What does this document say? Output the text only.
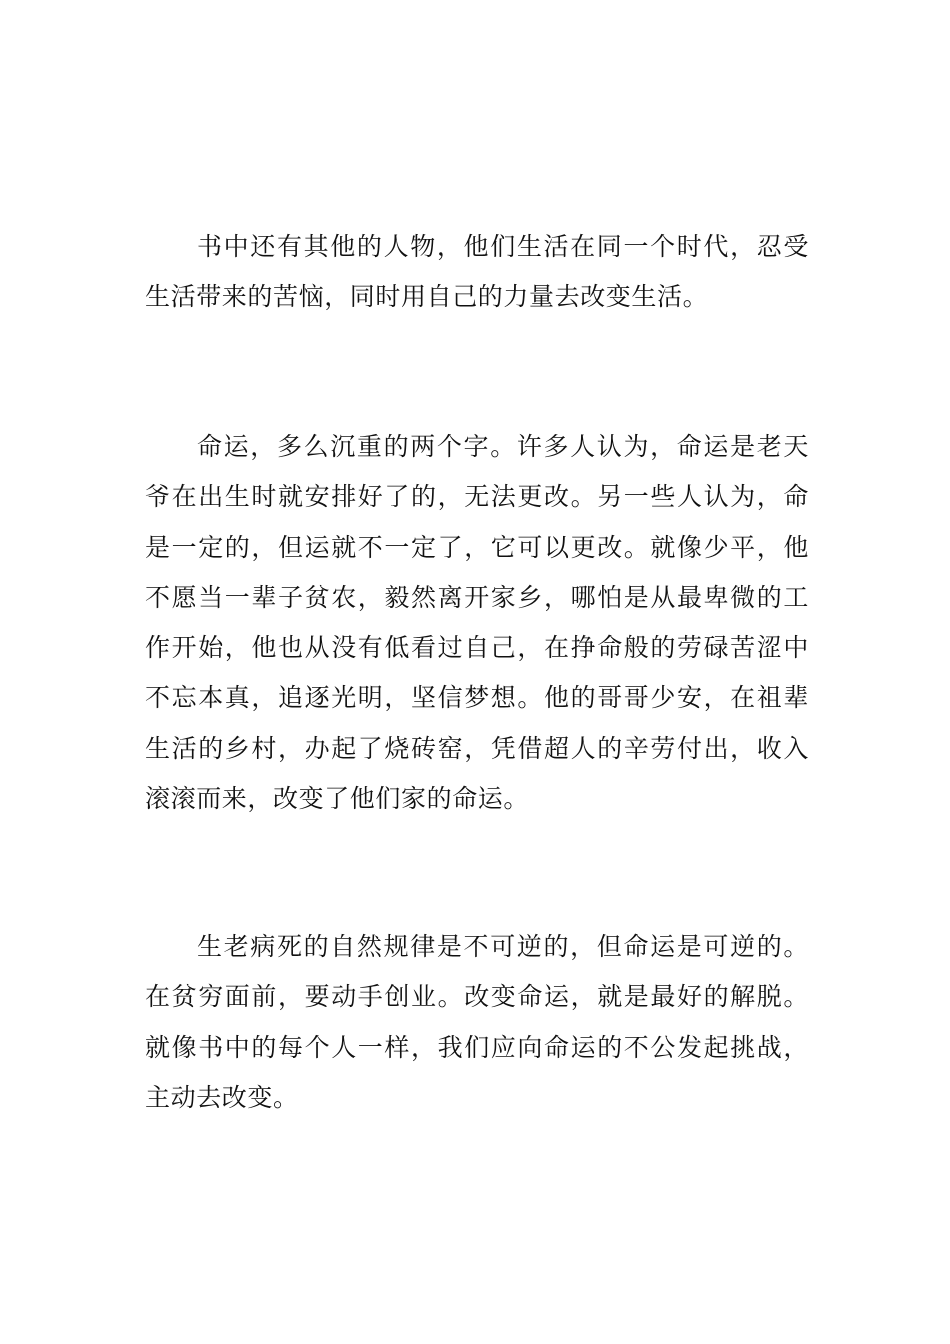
书中还有其他的人物，他们生活在同一个时代，忍受生活带来的苦恼，同时用自己的力量去改变生活。

命运，多么沉重的两个字。许多人认为，命运是老天爷在出生时就安排好了的，无法更改。另一些人认为，命是一定的，但运就不一定了，它可以更改。就像少平，他不愿当一辈子贫农，毅然离开家乡，哪怕是从最卑微的工作开始，他也从没有低看过自己，在挣命般的劳碌苦涩中不忘本真，追逐光明，坚信梦想。他的哥哥少安，在祖辈生活的乡村，办起了烧砖窑，凭借超人的辛劳付出，收入滚滚而来，改变了他们家的命运。

生老病死的自然规律是不可逆的，但命运是可逆的。在贫穷面前，要动手创业。改变命运，就是最好的解脱。就像书中的每个人一样，我们应向命运的不公发起挑战，主动去改变。
